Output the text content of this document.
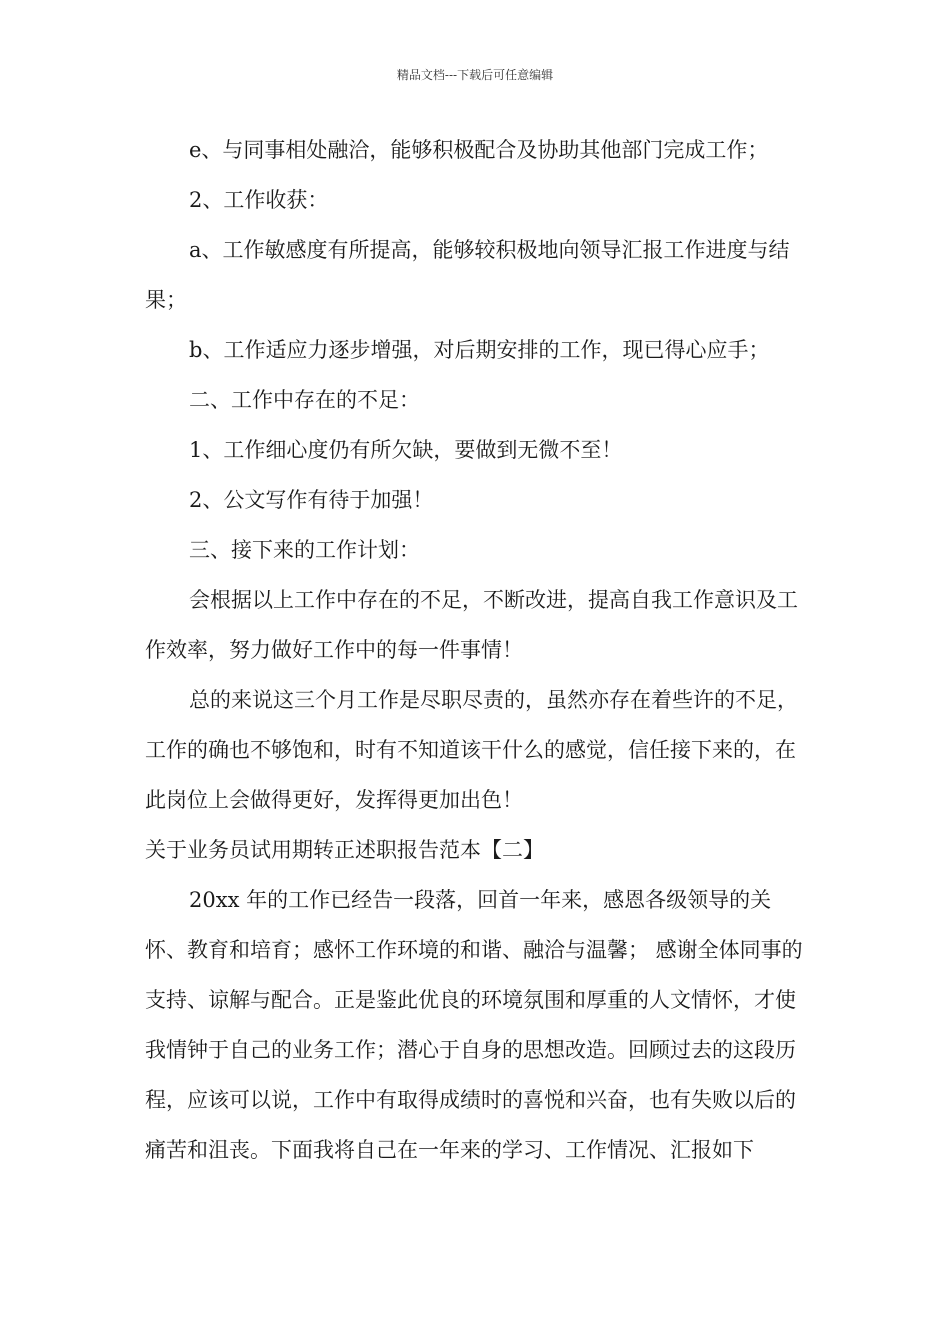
精品文档---下载后可任意编辑

e、与同事相处融洽，能够积极配合及协助其他部门完成工作；

2、工作收获：

a、工作敏感度有所提高，能够较积极地向领导汇报工作进度与结果；

b、工作适应力逐步增强，对后期安排的工作，现已得心应手；

二、工作中存在的不足：

1、工作细心度仍有所欠缺，要做到无微不至！

2、公文写作有待于加强！

三、接下来的工作计划：

会根据以上工作中存在的不足，不断改进，提高自我工作意识及工作效率，努力做好工作中的每一件事情！

总的来说这三个月工作是尽职尽责的，虽然亦存在着些许的不足，工作的确也不够饱和，时有不知道该干什么的感觉，信任接下来的，在此岗位上会做得更好，发挥得更加出色！

关于业务员试用期转正述职报告范本【二】

20xx 年的工作已经告一段落，回首一年来，感恩各级领导的关怀、教育和培育；感怀工作环境的和谐、融洽与温馨； 感谢全体同事的支持、谅解与配合。正是鉴此优良的环境氛围和厚重的人文情怀，才使我情钟于自己的业务工作；潜心于自身的思想改造。回顾过去的这段历程，应该可以说，工作中有取得成绩时的喜悦和兴奋，也有失败以后的痛苦和沮丧。下面我将自己在一年来的学习、工作情况、汇报如下
